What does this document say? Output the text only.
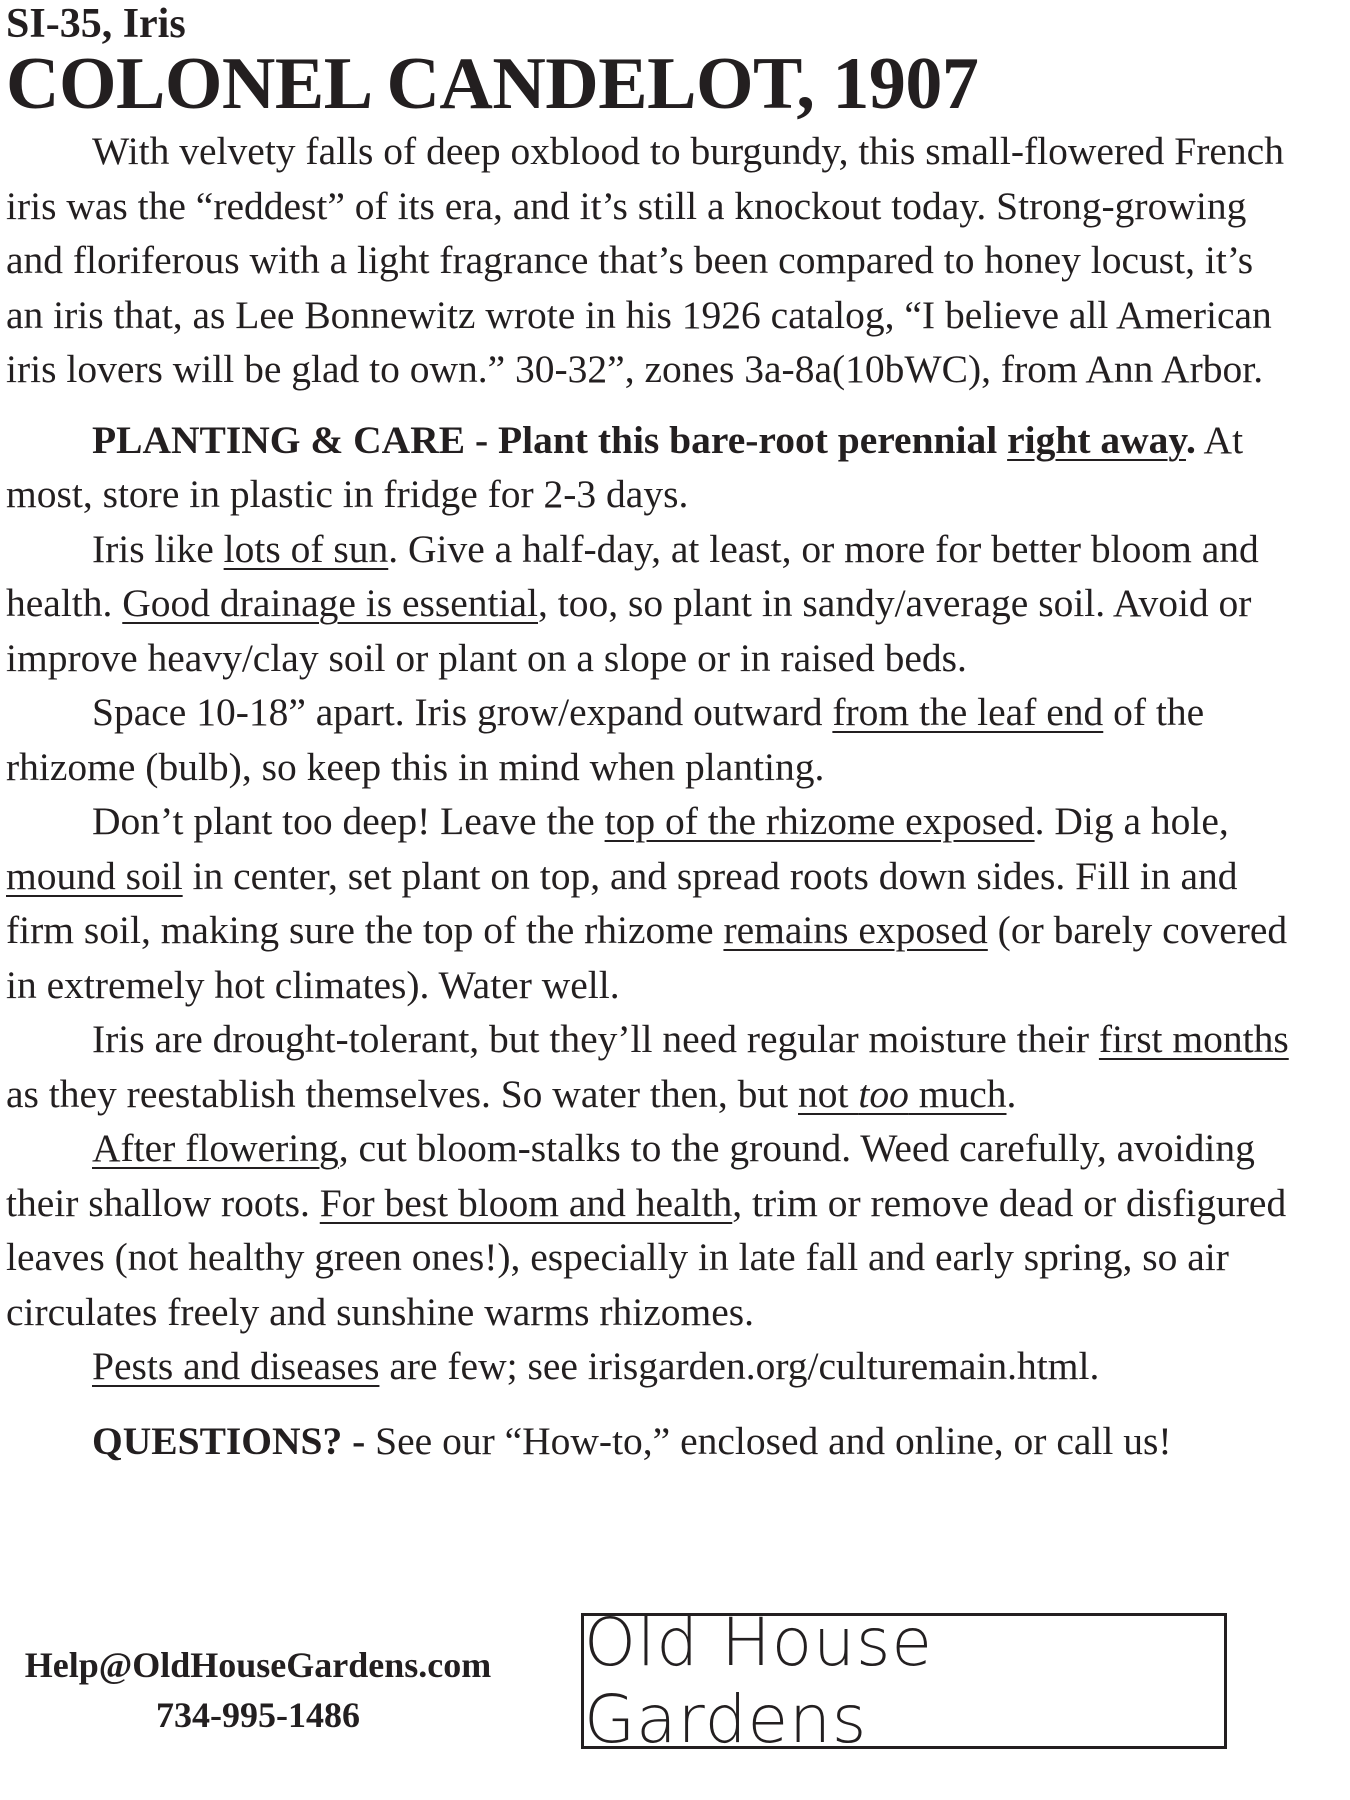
SI-35, Iris
COLONEL CANDELOT, 1907

With velvety falls of deep oxblood to burgundy, this small-flowered French iris was the “reddest” of its era, and it’s still a knockout today. Strong-growing and floriferous with a light fragrance that’s been compared to honey locust, it’s an iris that, as Lee Bonnewitz wrote in his 1926 catalog, “I believe all American iris lovers will be glad to own.” 30-32”, zones 3a-8a(10bWC), from Ann Arbor.

PLANTING & CARE - Plant this bare-root perennial right away. At most, store in plastic in fridge for 2-3 days.

Iris like lots of sun. Give a half-day, at least, or more for better bloom and health. Good drainage is essential, too, so plant in sandy/average soil. Avoid or improve heavy/clay soil or plant on a slope or in raised beds.

Space 10-18” apart. Iris grow/expand outward from the leaf end of the rhizome (bulb), so keep this in mind when planting.

Don’t plant too deep! Leave the top of the rhizome exposed. Dig a hole, mound soil in center, set plant on top, and spread roots down sides. Fill in and firm soil, making sure the top of the rhizome remains exposed (or barely covered in extremely hot climates). Water well.

Iris are drought-tolerant, but they’ll need regular moisture their first months as they reestablish themselves. So water then, but not too much.

After flowering, cut bloom-stalks to the ground. Weed carefully, avoiding their shallow roots. For best bloom and health, trim or remove dead or disfigured leaves (not healthy green ones!), especially in late fall and early spring, so air circulates freely and sunshine warms rhizomes.

Pests and diseases are few; see irisgarden.org/culturemain.html.

QUESTIONS? - See our “How-to,” enclosed and online, or call us!

Help@OldHouseGardens.com
734-995-1486
Old House Gardens
